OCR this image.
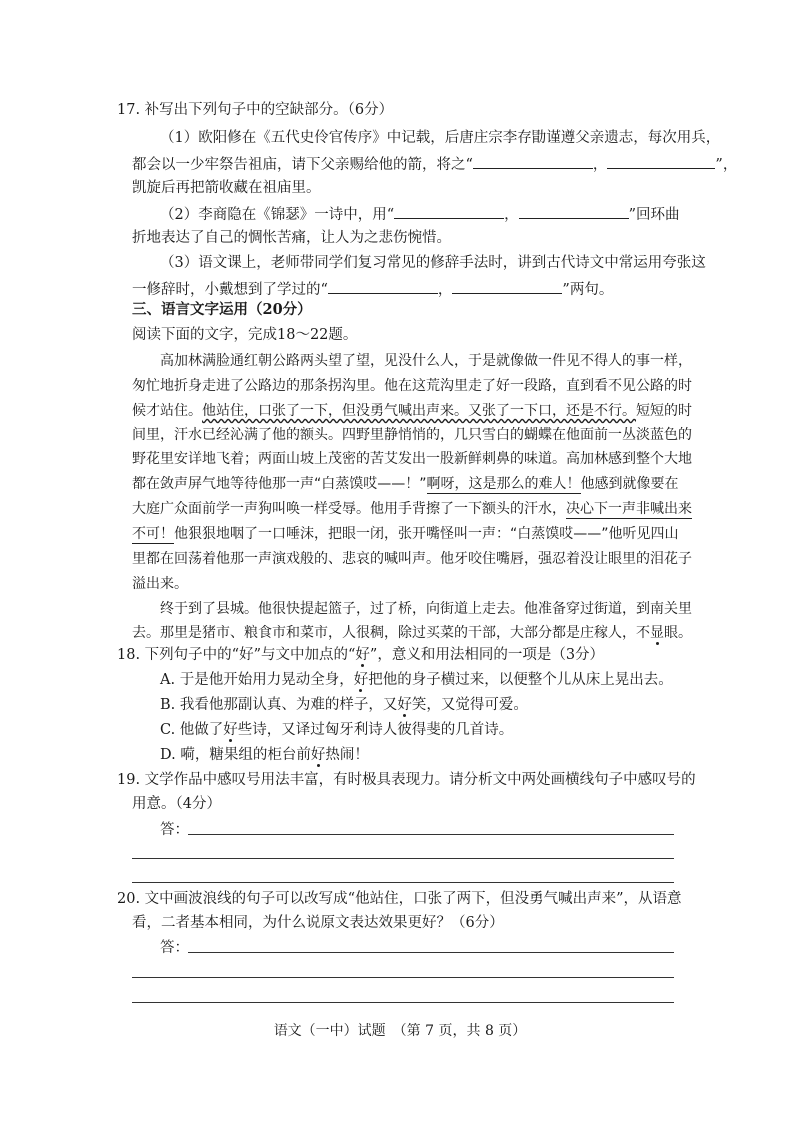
17. 补写出下列句子中的空缺部分。（6分）
（1）欧阳修在《五代史伶官传序》中记载，后唐庄宗李存勖谨遵父亲遗志，每次用兵，
都会以一少牢祭告祖庙，请下父亲赐给他的箭，将之“	，	”，
凯旋后再把箭收藏在祖庙里。
（2）李商隐在《锦瑟》一诗中，用“	，	”回环曲
折地表达了自己的惆怅苦痛，让人为之悲伤惋惜。
（3）语文课上，老师带同学们复习常见的修辞手法时，讲到古代诗文中常运用夸张这
一修辞时，小戴想到了学过的“	，	”两句。
三、语言文字运用（20分）
阅读下面的文字，完成18～22题。
高加林满脸通红朝公路两头望了望，见没什么人，于是就像做一件见不得人的事一样，
匆忙地折身走进了公路边的那条拐沟里。他在这荒沟里走了好一段路，直到看不见公路的时
候才站住。他站住，口张了一下，但没勇气喊出声来。又张了一下口，还是不行。短短的时
间里，汗水已经沁满了他的额头。四野里静悄悄的，几只雪白的蝴蝶在他面前一丛淡蓝色的
野花里安详地飞着；两面山坡上茂密的苦艾发出一股新鲜刺鼻的味道。高加林感到整个大地
都在敛声屏气地等待他那一声“白蒸馍哎——！”啊呀，这是那么的难人！他感到就像要在
大庭广众面前学一声狗叫唤一样受辱。他用手背擦了一下额头的汗水，决心下一声非喊出来
不可！他狠狠地咽了一口唾沫，把眼一闭，张开嘴怪叫一声：“白蒸馍哎——”他听见四山
里都在回荡着他那一声演戏般的、悲哀的喊叫声。他牙咬住嘴唇，强忍着没让眼里的泪花子
溢出来。
终于到了县城。他很快提起篮子，过了桥，向街道上走去。他准备穿过街道，到南关里
去。那里是猪市、粮食市和菜市，人很稠，除过买菜的干部，大部分都是庄稼人，不显眼。
18. 下列句子中的“好”与文中加点的“好”，意义和用法相同的一项是（3分）
A. 于是他开始用力晃动全身，好把他的身子横过来，以便整个儿从床上晃出去。
B. 我看他那副认真、为难的样子，又好笑，又觉得可爱。
C. 他做了好些诗，又译过匈牙利诗人彼得斐的几首诗。
D. 嗬，糖果组的柜台前好热闹！
19. 文学作品中感叹号用法丰富，有时极具表现力。请分析文中两处画横线句子中感叹号的
用意。（4分）
答：
20. 文中画波浪线的句子可以改写成“他站住，口张了两下，但没勇气喊出声来”，从语意
看，二者基本相同，为什么说原文表达效果更好？（6分）
答：
语文（一中）试题　（第 7 页，共 8 页）
